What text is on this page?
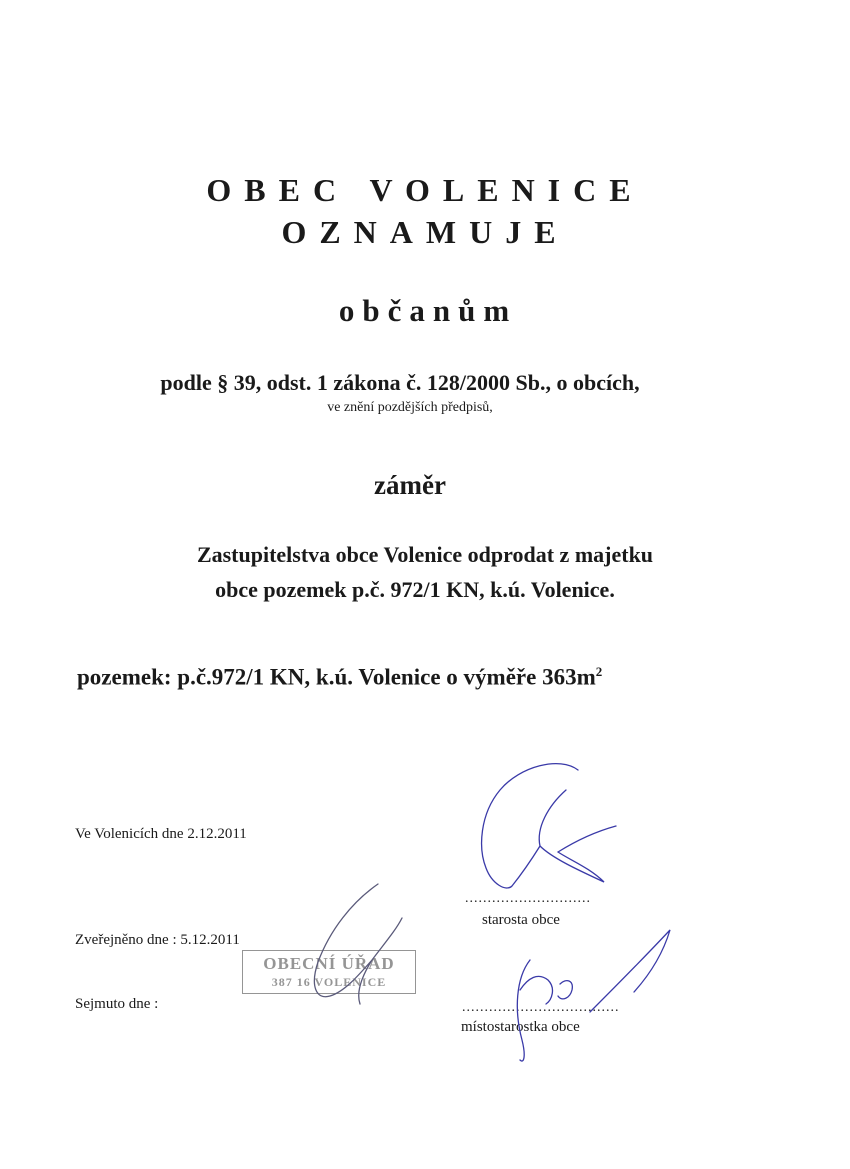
OBEC VOLENICE
OZNAMUJE
občanům
podle § 39, odst. 1 zákona č. 128/2000 Sb., o obcích,
ve znění pozdějších předpisů,
záměr
Zastupitelstva obce Volenice odprodat z majetku
obce pozemek p.č. 972/1 KN, k.ú. Volenice.
pozemek: p.č.972/1 KN, k.ú. Volenice o výměře $363m^2$
Ve Volenicích dne 2.12.2011
Zveřejněno dne : 5.12.2011
Sejmuto dne :
............................
starosta obce
...................................
místostarostka obce
OBECNÍ ÚŘAD
387 16 VOLENICE
